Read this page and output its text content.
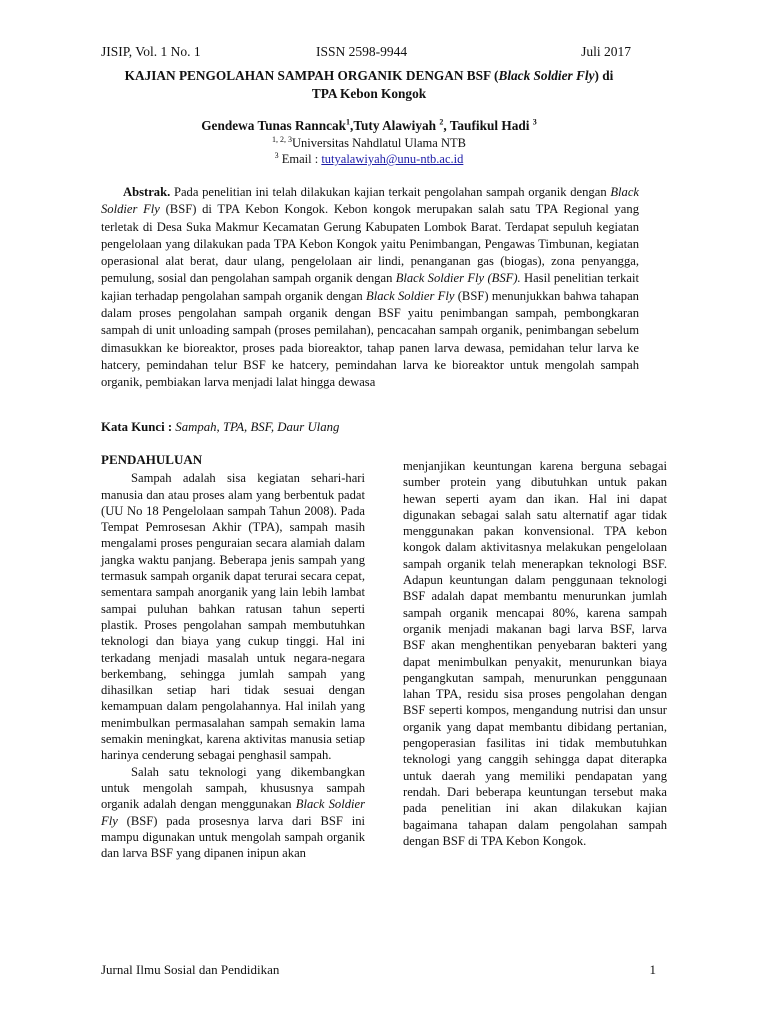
JISIP, Vol. 1 No. 1	ISSN 2598-9944	Juli 2017
KAJIAN PENGOLAHAN SAMPAH ORGANIK DENGAN BSF (Black Soldier Fly) di
TPA Kebon Kongok
Gendewa Tunas Ranncak$^1$,Tuty Alawiyah $^2$, Taufikul Hadi $^3$
$^{1, 2, 3}$Universitas Nahdlatul Ulama NTB
$^3$ Email : tutyalawiyah@unu-ntb.ac.id

Abstrak. Pada penelitian ini telah dilakukan kajian terkait pengolahan sampah organik dengan Black Soldier Fly (BSF) di TPA Kebon Kongok. Kebon kongok merupakan salah satu TPA Regional yang terletak di Desa Suka Makmur Kecamatan Gerung Kabupaten Lombok Barat. Terdapat sepuluh kegiatan pengelolaan yang dilakukan pada TPA Kebon Kongok yaitu Penimbangan, Pengawas Timbunan, kegiatan operasional alat berat, daur ulang, pengelolaan air lindi, penanganan gas (biogas), zona penyangga, pemulung, sosial dan pengolahan sampah organik dengan Black Soldier Fly (BSF). Hasil penelitian terkait kajian terhadap pengolahan sampah organik dengan Black Soldier Fly (BSF) menunjukkan bahwa tahapan dalam proses pengolahan sampah organik dengan BSF yaitu penimbangan sampah, pembongkaran sampah di unit unloading sampah (proses pemilahan), pencacahan sampah organik, penimbangan sebelum dimasukkan ke bioreaktor, proses pada bioreaktor, tahap panen larva dewasa, pemidahan telur larva ke hatcery, pemindahan telur BSF ke hatcery, pemindahan larva ke bioreaktor untuk mengolah sampah organik, pembiakan larva menjadi lalat hingga dewasa

Kata Kunci : Sampah, TPA, BSF, Daur Ulang
PENDAHULUAN

Sampah adalah sisa kegiatan sehari-hari manusia dan atau proses alam yang berbentuk padat (UU No 18 Pengelolaan sampah Tahun 2008). Pada Tempat Pemrosesan Akhir (TPA), sampah masih mengalami proses penguraian secara alamiah dalam jangka waktu panjang. Beberapa jenis sampah yang termasuk sampah organik dapat terurai secara cepat, sementara sampah anorganik yang lain lebih lambat sampai puluhan bahkan ratusan tahun seperti plastik. Proses pengolahan sampah membutuhkan teknologi dan biaya yang cukup tinggi. Hal ini terkadang menjadi masalah untuk negara-negara berkembang, sehingga jumlah sampah yang dihasilkan setiap hari tidak sesuai dengan kemampuan dalam pengolahannya. Hal inilah yang menimbulkan permasalahan sampah semakin lama semakin meningkat, karena aktivitas manusia setiap harinya cenderung sebagai penghasil sampah.

Salah satu teknologi yang dikembangkan untuk mengolah sampah, khususnya sampah organik adalah dengan menggunakan Black Soldier Fly (BSF) pada prosesnya larva dari BSF ini mampu digunakan untuk mengolah sampah organik dan larva BSF yang dipanen inipun akan

menjanjikan keuntungan karena berguna sebagai sumber protein yang dibutuhkan untuk pakan hewan seperti ayam dan ikan. Hal ini dapat digunakan sebagai salah satu alternatif agar tidak menggunakan pakan konvensional. TPA kebon kongok dalam aktivitasnya melakukan pengelolaan sampah organik telah menerapkan teknologi BSF. Adapun keuntungan dalam penggunaan teknologi BSF adalah dapat membantu menurunkan jumlah sampah organik mencapai 80%, karena sampah organik menjadi makanan bagi larva BSF, larva BSF akan menghentikan penyebaran bakteri yang dapat menimbulkan penyakit, menurunkan biaya pengangkutan sampah, menurunkan penggunaan lahan TPA, residu sisa proses pengolahan dengan BSF seperti kompos, mengandung nutrisi dan unsur organik yang dapat membantu dibidang pertanian, pengoperasian fasilitas ini tidak membutuhkan teknologi yang canggih sehingga dapat diterapka untuk daerah yang memiliki pendapatan yang rendah. Dari beberapa keuntungan tersebut maka pada penelitian ini akan dilakukan kajian bagaimana tahapan dalam pengolahan sampah dengan BSF di TPA Kebon Kongok.

Jurnal Ilmu Sosial dan Pendidikan	1
